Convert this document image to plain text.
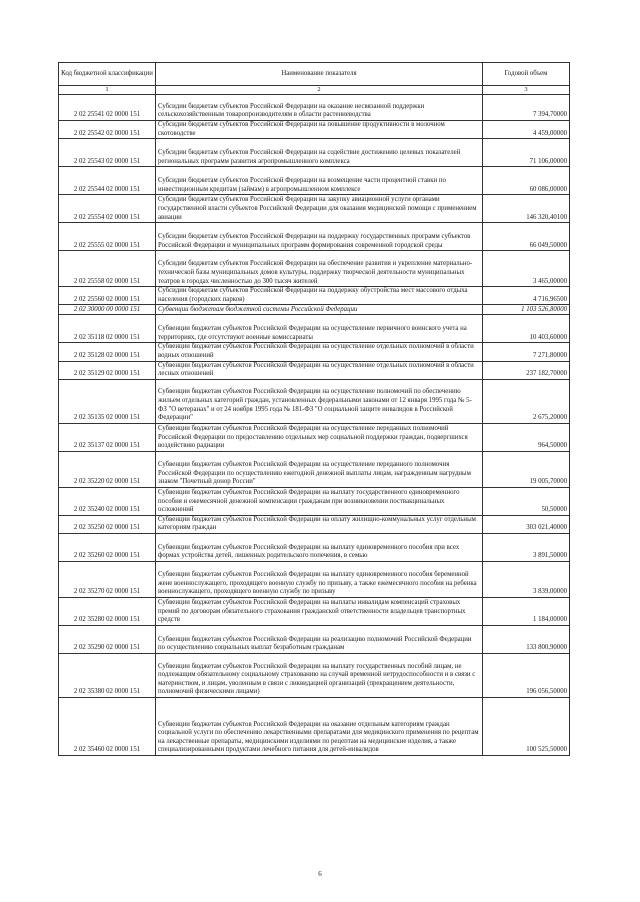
Код бюджетной классификации	Наименование показателя	Годовой объем
1	2	3
2 02 25541 02 0000 151	Субсидии бюджетам субъектов Российской Федерации на оказание несвязанной поддержки сельскохозяйственным товаропроизводителям в области растениеводства	7 394,70000
2 02 25542 02 0000 151	Субсидии бюджетам субъектов Российской Федерации на повышение продуктивности в молочном скотоводстве	4 459,00000
2 02 25543 02 0000 151	Субсидии бюджетам субъектов Российской Федерации на содействие достижению целевых показателей региональных программ развития агропромышленного комплекса	71 106,00000
2 02 25544 02 0000 151	Субсидии бюджетам субъектов Российской Федерации на возмещение части процентной ставки по инвестиционным кредитам (займам) в агропромышленном комплексе	60 086,00000
2 02 25554 02 0000 151	Субсидии бюджетам субъектов Российской Федерации на закупку авиационной услуги органами государственной власти субъектов Российской Федерации для оказания медицинской помощи с применением авиации	146 320,40100
2 02 25555 02 0000 151	Субсидии бюджетам субъектов Российской Федерации на поддержку государственных программ субъектов Российской Федерации и муниципальных программ формирования современной городской среды	66 049,50000
2 02 25558 02 0000 151	Субсидии бюджетам субъектов Российской Федерации на обеспечение развития и укрепление материально-технической базы муниципальных домов культуры, поддержку творческой деятельности муниципальных театров в городах численностью до 300 тысяч жителей	3 465,00000
2 02 25560 02 0000 151	Субсидии бюджетам субъектов Российской Федерации на поддержку обустройства мест массового отдыха населения (городских парков)	4 716,96500
2 02 30000 00 0000 151	Субвенции бюджетам бюджетной системы Российской Федерации	1 103 526,80000
2 02 35118 02 0000 151	Субвенции бюджетам субъектов Российской Федерации на осуществление первичного воинского учета на территориях, где отсутствуют военные комиссариаты	10 403,60000
2 02 35128 02 0000 151	Субвенции бюджетам субъектов Российской Федерации на осуществление отдельных полномочий в области водных отношений	7 271,80000
2 02 35129 02 0000 151	Субвенции бюджетам субъектов Российской Федерации на осуществление отдельных полномочий в области лесных отношений	237 182,70000
2 02 35135 02 0000 151	Субвенции бюджетам субъектов Российской Федерации на осуществление полномочий по обеспечению жильем отдельных категорий граждан, установленных федеральными законами от 12 января 1995 года № 5-ФЗ "О ветеранах" и от 24 ноября 1995 года № 181-ФЗ "О социальной защите инвалидов в Российской Федерации"	2 675,20000
2 02 35137 02 0000 151	Субвенции бюджетам субъектов Российской Федерации на осуществление переданных полномочий Российской Федерации по предоставлению отдельных мер социальной поддержки граждан, подвергшихся воздействию радиации	964,50000
2 02 35220 02 0000 151	Субвенции бюджетам субъектов Российской Федерации на осуществление переданного полномочия Российской Федерации по осуществлению ежегодной денежной выплаты лицам, награжденным нагрудным знаком "Почетный донор России"	19 005,70000
2 02 35240 02 0000 151	Субвенции бюджетам субъектов Российской Федерации на выплату государственного единовременного пособия и ежемесячной денежной компенсации гражданам при возникновении поствакцинальных осложнений	50,50000
2 02 35250 02 0000 151	Субвенции бюджетам субъектов Российской Федерации на оплату жилищно-коммунальных услуг отдельным категориям граждан	303 021,40000
2 02 35260 02 0000 151	Субвенции бюджетам субъектов Российской Федерации на выплату единовременного пособия при всех формах устройства детей, лишенных родительского попечения, в семью	3 891,50000
2 02 35270 02 0000 151	Субвенции бюджетам субъектов Российской Федерации на выплату единовременного пособия беременной жене военнослужащего, проходящего военную службу по призыву, а также ежемесячного пособия на ребенка военнослужащего, проходящего военную службу по призыву	3 839,00000
2 02 35280 02 0000 151	Субвенции бюджетам субъектов Российской Федерации на выплаты инвалидам компенсаций страховых премий по договорам обязательного страхования гражданской ответственности владельцев транспортных средств	1 184,00000
2 02 35290 02 0000 151	Субвенции бюджетам субъектов Российской Федерации на реализацию полномочий Российской Федерации по осуществлению социальных выплат безработным гражданам	133 800,90000
2 02 35380 02 0000 151	Субвенции бюджетам субъектов Российской Федерации на выплату государственных пособий лицам, не подлежащим обязательному социальному страхованию на случай временной нетрудоспособности и в связи с материнством, и лицам, уволенным в связи с ликвидацией организаций (прекращением деятельности, полномочий физическими лицами)	196 056,50000
2 02 35460 02 0000 151	Субвенции бюджетам субъектов Российской Федерации на оказание отдельным категориям граждан социальной услуги по обеспечению лекарственными препаратами для медицинского применения по рецептам на лекарственные препараты, медицинскими изделиями по рецептам на медицинские изделия, а также специализированными продуктами лечебного питания для детей-инвалидов	100 525,50000
6
